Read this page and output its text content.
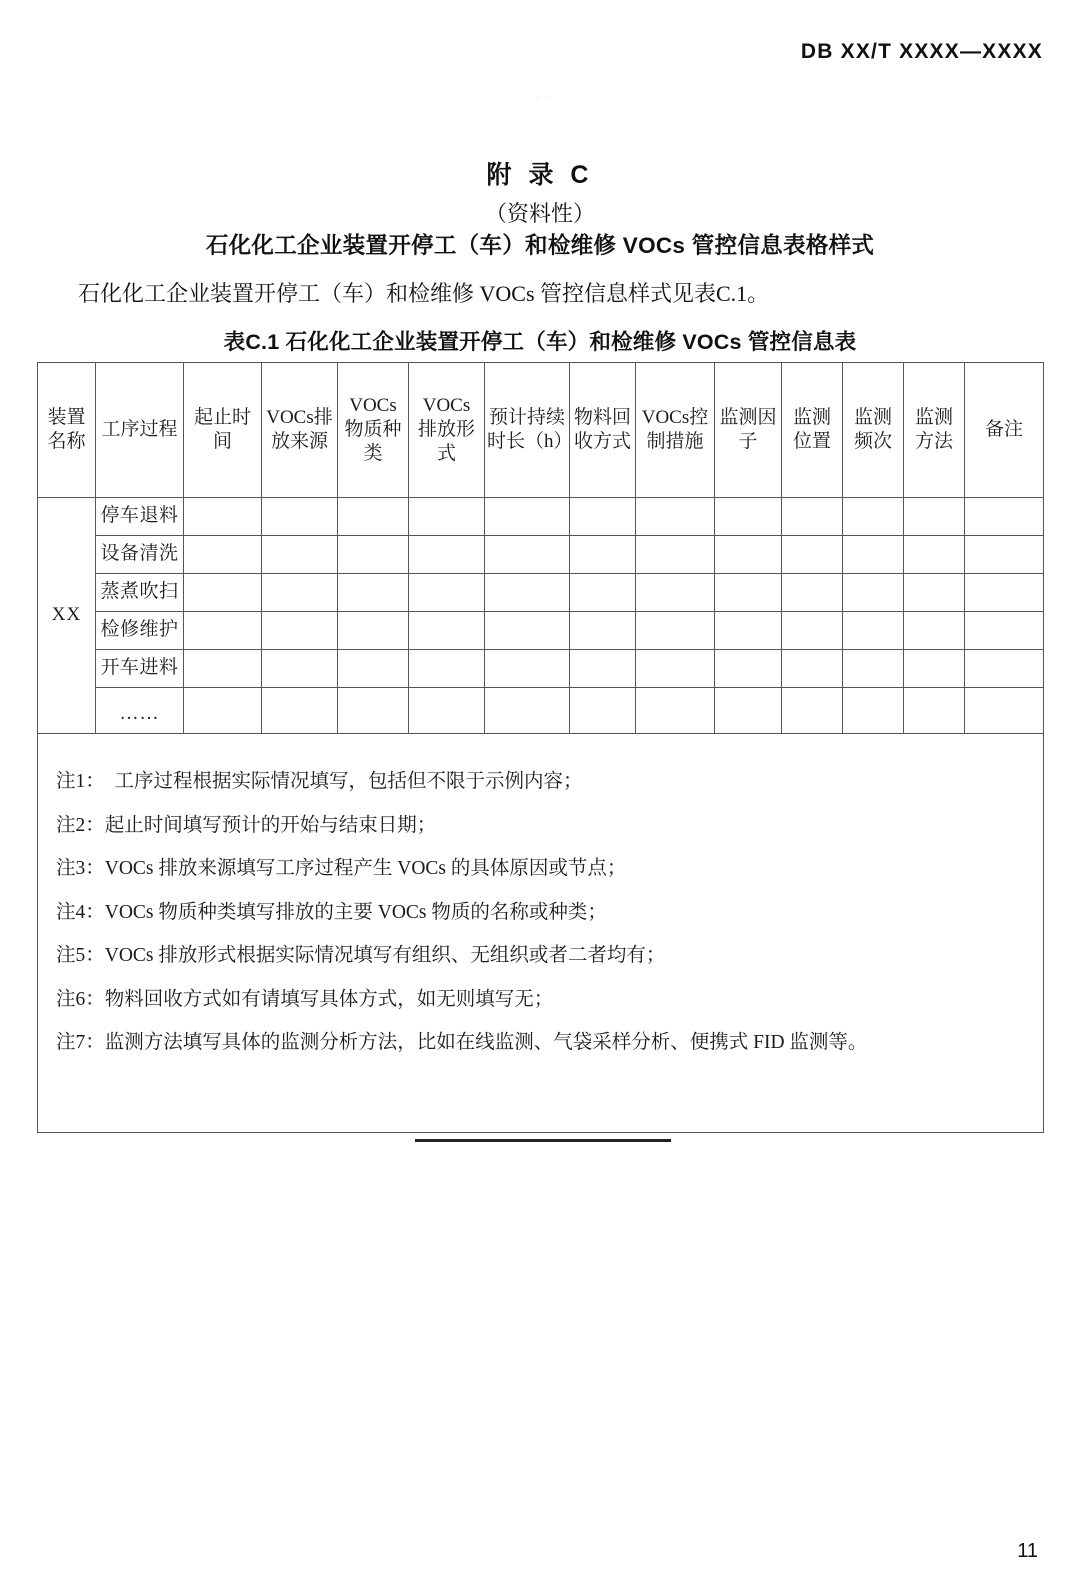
DB XX/T XXXX—XXXX
..
附 录 C
（资料性）
石化化工企业装置开停工（车）和检维修 VOCs 管控信息表格样式
石化化工企业装置开停工（车）和检维修 VOCs 管控信息样式见表C.1。
表C.1 石化化工企业装置开停工（车）和检维修 VOCs 管控信息表
装置名称	工序过程	起止时间	VOCs排放来源	VOCs物质种类	VOCs 排放形式	预计持续时长（h）	物料回收方式	VOCs控制措施	监测因子	监测位置	监测频次	监测方法	备注
XX	停车退料												
	设备清洗												
	蒸煮吹扫												
	检修维护												
	开车进料												
	……												

注1：  工序过程根据实际情况填写，包括但不限于示例内容；
注2：起止时间填写预计的开始与结束日期；
注3：VOCs 排放来源填写工序过程产生 VOCs 的具体原因或节点；
注4：VOCs 物质种类填写排放的主要 VOCs 物质的名称或种类；
注5：VOCs 排放形式根据实际情况填写有组织、无组织或者二者均有；
注6：物料回收方式如有请填写具体方式，如无则填写无；
注7：监测方法填写具体的监测分析方法，比如在线监测、气袋采样分析、便携式 FID 监测等。
11
